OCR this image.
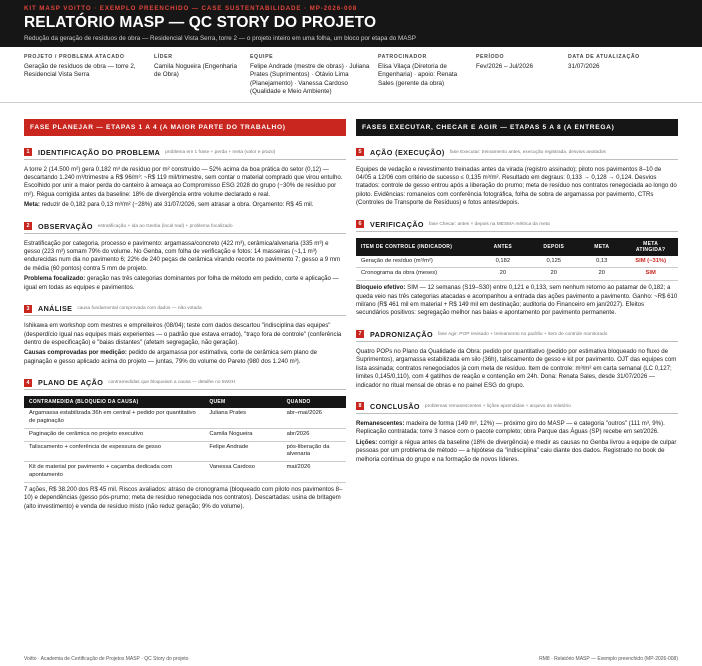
KIT MASP VOITTO · EXEMPLO PREENCHIDO — CASE SUSTENTABILIDADE · MP-2026-008
RELATÓRIO MASP — QC STORY DO PROJETO
Redução da geração de resíduos de obra — Residencial Vista Serra, torre 2 — o projeto inteiro em uma folha, um bloco por etapa do MASP
PROJETO / PROBLEMA ATACADO
Geração de resíduos de obra — torre 2, Residencial Vista Serra
LÍDER
Camila Nogueira (Engenharia de Obra)
EQUIPE
Felipe Andrade (mestre de obras) · Juliana Prates (Suprimentos) · Otávio Lima (Planejamento) · Vanessa Cardoso (Qualidade e Meio Ambiente)
PATROCINADOR
Elisa Vilaça (Diretoria de Engenharia) · apoio: Renata Sales (gerente da obra)
PERÍODO
Fev/2026 – Jul/2026
DATA DE ATUALIZAÇÃO
31/07/2026
FASE PLANEJAR — ETAPAS 1 A 4 (A MAIOR PARTE DO TRABALHO)
1	IDENTIFICAÇÃO DO PROBLEMA problema em 1 frase + perda + meta (valor e prazo)
A torre 2 (14.500 m²) gera 0,182 m³ de resíduo por m² construído — 52% acima da boa prática do setor (0,12) — descartando 1.240 m³/trimestre a R$ 96/m³: ~R$ 119 mil/trimestre, sem contar o material comprado que virou entulho. Escolhido por unir a maior perda do canteiro à ameaça ao Compromisso ESG 2028 do grupo (−30% de resíduo por m²). Régua corrigida antes da baseline: 18% de divergência entre volume declarado e real.
Meta: reduzir de 0,182 para 0,13 m³/m² (−28%) até 31/07/2026, sem atrasar a obra. Orçamento: R$ 45 mil.
2	OBSERVAÇÃO estratificação + ida ao Genba (local real) + problema focalizado
Estratificação por categoria, processo e pavimento: argamassa/concreto (422 m³), cerâmica/alvenaria (335 m³) e gesso (223 m³) somam 79% do volume. No Genba, com folha de verificação e fotos: 14 masseiras (~1,1 m³) endurecidas num dia no pavimento 6; 22% de 240 peças de cerâmica virando recorte no pavimento 7; gesso a 9 mm de média (60 pontos) contra 5 mm de projeto.
Problema focalizado: geração nas três categorias dominantes por folha de método em pedido, corte e aplicação — igual em todas as equipes e pavimentos.
3	ANÁLISE causa fundamental comprovada com dados — não votada
Ishikawa em workshop com mestres e empreiteiros (08/04); teste com dados descartou "indisciplina das equipes" (desperdício igual nas equipes mais experientes — o padrão que estava errado), "traço fora de controle" (conferência dentro de especificação) e "baias distantes" (afetam segregação, não geração).
Causas comprovadas por medição: pedido de argamassa por estimativa, corte de cerâmica sem plano de paginação e gesso aplicado acima do projeto — juntas, 79% do volume do Pareto (980 dos 1.240 m³).
4	PLANO DE AÇÃO contramedidas que bloqueiam a causa — detalhe no 5W2H
CONTRAMEDIDA (BLOQUEIO DA CAUSA)	QUEM	QUANDO
Argamassa estabilizada 36h em central + pedido por quantitativo de paginação	Juliana Prates	abr–mai/2026
Paginação de cerâmica no projeto executivo	Camila Nogueira	abr/2026
Taliscamento + conferência de espessura de gesso	Felipe Andrade	pós-liberação da alvenaria
Kit de material por pavimento + caçamba dedicada com apontamento	Vanessa Cardoso	mai/2026
7 ações, R$ 38.200 dos R$ 45 mil. Riscos avaliados: atraso de cronograma (bloqueado com piloto nos pavimentos 8–10) e dependências (gesso pós-prumo; meta de resíduo renegociada nos contratos). Descartadas: usina de britagem (alto investimento) e venda de resíduo misto (não reduz geração; 9% do volume).
FASES EXECUTAR, CHECAR E AGIR — ETAPAS 5 A 8 (A ENTREGA)
5	AÇÃO (EXECUÇÃO) fase Executar: treinamento antes, execução registrada, desvios anotados
Equipes de vedação e revestimento treinadas antes da virada (registro assinado); piloto nos pavimentos 8–10 de 04/05 a 12/06 com critério de sucesso ≤ 0,135 m³/m². Resultado em degraus: 0,133 → 0,128 → 0,124. Desvios tratados: controle de gesso entrou após a liberação do prumo; meta de resíduo nos contratos renegociada ao longo do piloto. Evidências: romaneios com conferência fotográfica, folha de sobra de argamassa por pavimento, CTRs (Controles de Transporte de Resíduos) e fotos antes/depois.
6	VERIFICAÇÃO fase Checar: antes × depois na MESMA métrica da meta
ITEM DE CONTROLE (INDICADOR)	ANTES	DEPOIS	META	META ATINGIDA?
Geração de resíduo (m³/m²)	0,182	0,125	0,13	SIM (−31%)
Cronograma da obra (meses)	20	20	20	SIM
Bloqueio efetivo: SIM — 12 semanas (S19–S30) entre 0,121 e 0,133, sem nenhum retorno ao patamar de 0,182; a queda veio nas três categorias atacadas e acompanhou a entrada das ações pavimento a pavimento. Ganho: ~R$ 610 mil/ano (R$ 461 mil em material + R$ 149 mil em destinação; auditoria do Financeiro em jan/2027). Efeitos secundários positivos: segregação melhor nas baias e apontamento por pavimento permanente.
7	PADRONIZAÇÃO fase Agir: POP revisado + treinamento no padrão + item de controle monitorado
Quatro POPs no Plano da Qualidade da Obra: pedido por quantitativo (pedido por estimativa bloqueado no fluxo de Suprimentos), argamassa estabilizada em silo (36h), taliscamento de gesso e kit por pavimento. OJT das equipes com lista assinada; contratos renegociados já com meta de resíduo. Item de controle: m³/m² em carta semanal (LC 0,127; limites 0,145/0,110), com 4 gatilhos de reação e contenção em 24h. Dona: Renata Sales, desde 31/07/2026 — indicador no ritual mensal de obras e no painel ESG do grupo.
8	CONCLUSÃO problemas remanescentes + lições aprendidas + arquivo do relatório
Remanescentes: madeira de forma (149 m³, 12%) — próximo giro do MASP — e categoria "outros" (111 m³, 9%). Replicação contratada: torre 3 nasce com o pacote completo; obra Parque das Águas (SP) recebe em set/2026.
Lições: corrigir a régua antes da baseline (18% de divergência) e medir as causas no Genba livrou a equipe de culpar pessoas por um problema de método — a hipótese da "indisciplina" caiu diante dos dados. Registrado no book de melhoria contínua do grupo e na formação de novos líderes.
Voitto · Academia de Certificação de Projetos MASP · QC Story do projeto	RM8 · Relatório MASP — Exemplo preenchido (MP-2026-008)
